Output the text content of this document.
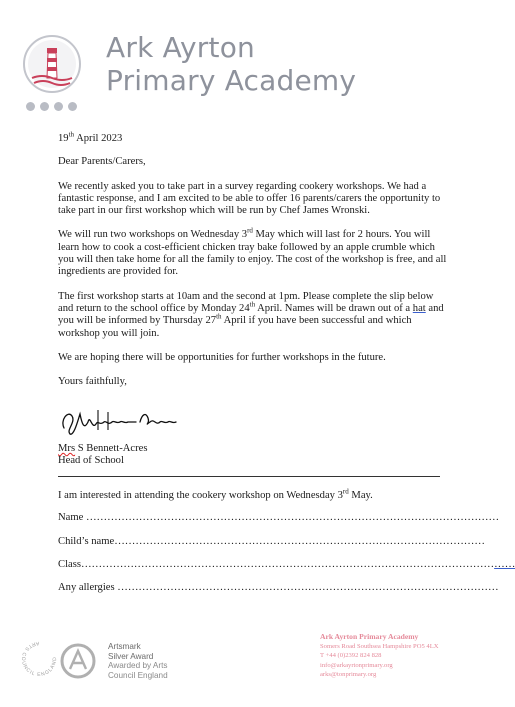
Ark Ayrton
Primary Academy

19th April 2023

Dear Parents/Carers,

We recently asked you to take part in a survey regarding cookery workshops. We had a fantastic response, and I am excited to be able to offer 16 parents/carers the opportunity to take part in our first workshop which will be run by Chef James Wronski.

We will run two workshops on Wednesday 3rd May which will last for 2 hours. You will learn how to cook a cost-efficient chicken tray bake followed by an apple crumble which you will then take home for all the family to enjoy. The cost of the workshop is free, and all ingredients are provided for.

The first workshop starts at 10am and the second at 1pm. Please complete the slip below and return to the school office by Monday 24th April. Names will be drawn out of a hat and you will be informed by Thursday 27th April if you have been successful and which workshop you will join.

We are hoping there will be opportunities for further workshops in the future.

Yours faithfully,

Mrs S Bennett-Acres
Head of School
I am interested in attending the cookery workshop on Wednesday 3rd May.
Name ………………………………………………………………………………………………………
Child’s name……………………………………………………………………………………………
Class……………………………………………………………………………………………………………
Any allergies ………………………………………………………………………………………………
ARTS COUNCIL ENGLAND
Artsmark
Silver Award
Awarded by Arts
Council England
Ark Ayrton Primary Academy
Somers Road Southsea Hampshire PO5 4LX
T +44 (0)2392 824 828
info@arkayrtonprimary.org
arks@tonprimary.org
